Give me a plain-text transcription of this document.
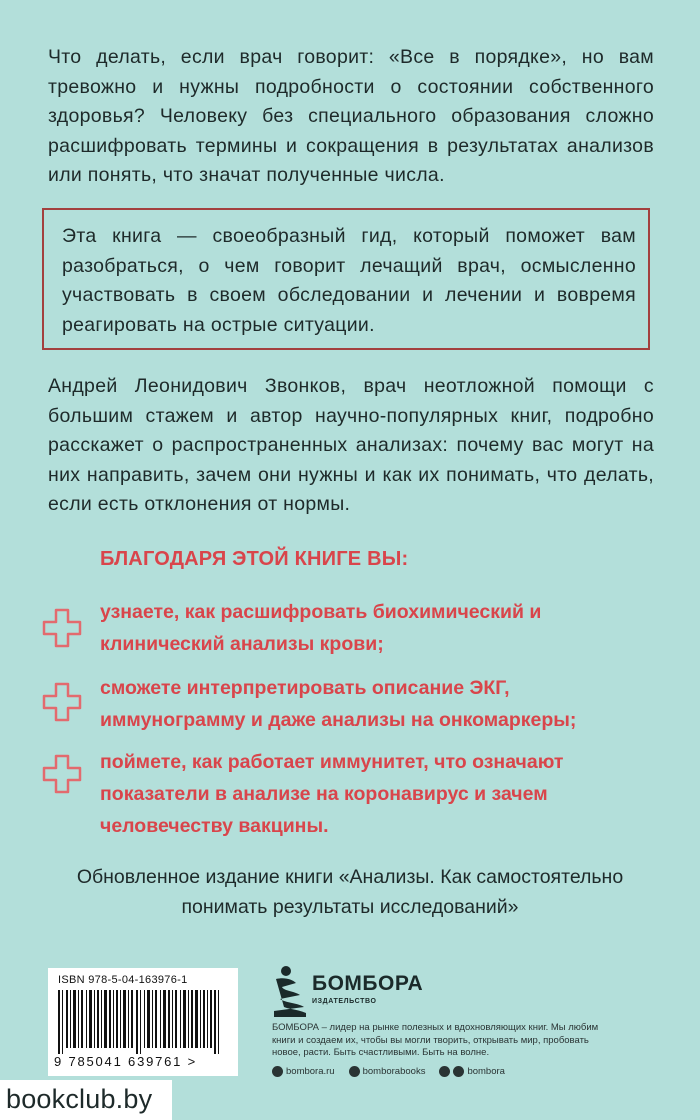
Что делать, если врач говорит: «Все в порядке», но вам тревожно и нужны подробности о состоянии собственного здоровья? Человеку без специального образования сложно расшифровать термины и сокращения в результатах анализов или понять, что значат полученные числа.
Эта книга — своеобразный гид, который поможет вам разобраться, о чем говорит лечащий врач, осмысленно участвовать в своем обследовании и лечении и вовремя реагировать на острые ситуации.
Андрей Леонидович Звонков, врач неотложной помощи с большим стажем и автор научно-популярных книг, подробно расскажет о распространенных анализах: почему вас могут на них направить, зачем они нужны и как их понимать, что делать, если есть отклонения от нормы.
БЛАГОДАРЯ ЭТОЙ КНИГЕ ВЫ:
узнаете, как расшифровать биохимический и клинический анализы крови;
сможете интерпретировать описание ЭКГ, иммунограмму и даже анализы на онкомаркеры;
поймете, как работает иммунитет, что означают показатели в анализе на коронавирус и зачем человечеству вакцины.
Обновленное издание книги «Анализы. Как самостоятельно понимать результаты исследований»
ISBN 978-5-04-163976-1
9 785041 639761 >
БОМБОРА
ИЗДАТЕЛЬСТВО
БОМБОРА – лидер на рынке полезных и вдохновляющих книг. Мы любим книги и создаем их, чтобы вы могли творить, открывать мир, пробовать новое, расти. Быть счастливыми. Быть на волне.
bombora.ru	bomborabooks	bombora
bookclub.by
